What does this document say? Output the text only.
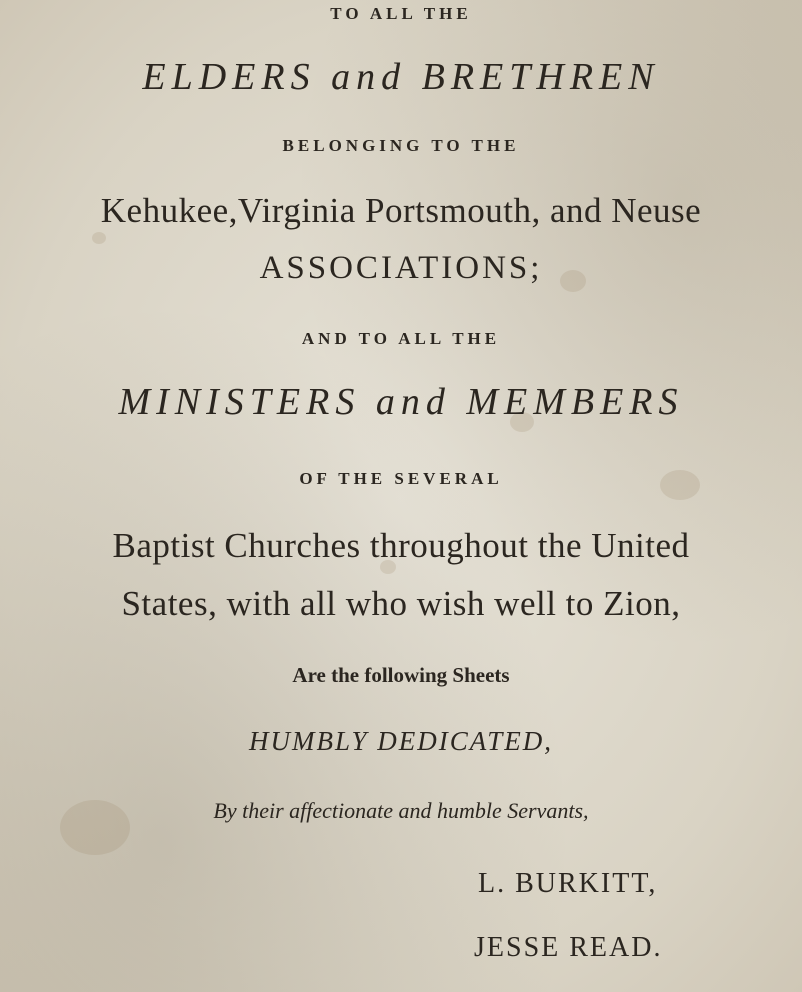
TO ALL THE
ELDERS and BRETHREN
BELONGING TO THE
Kehukee,Virginia Portsmouth, and Neuse
ASSOCIATIONS;
AND TO ALL THE
MINISTERS and MEMBERS
OF THE SEVERAL
Baptist Churches throughout the United
States, with all who wish well to Zion,
Are the following Sheets
HUMBLY DEDICATED,
By their affectionate and humble Servants,
L. BURKITT,
JESSE READ.
